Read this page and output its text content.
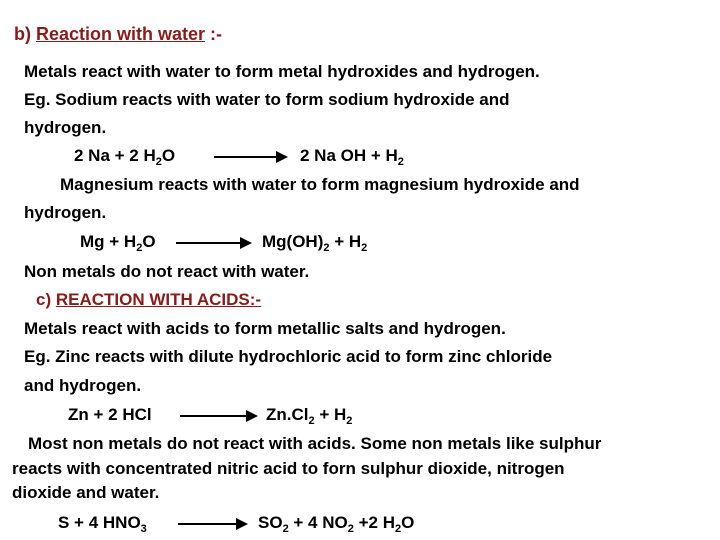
b) Reaction with water :-
Metals react with water to form metal hydroxides and hydrogen.
Eg. Sodium reacts with water to form sodium hydroxide and
hydrogen.
2 Na + 2 $H_2O$	2 Na OH + $H_2$
Magnesium reacts with water to form magnesium hydroxide and
hydrogen.
$Mg + H_2O$	$Mg(OH)_2 + H_2$
Non metals do not react with water.
c) REACTION WITH ACIDS:-
Metals react with acids to form metallic salts and hydrogen.
Eg. Zinc reacts with dilute hydrochloric acid to form zinc chloride
and hydrogen.
Zn + 2 HCl	$Zn.Cl_2 + H_2$
Most non metals do not react with acids. Some non metals like sulphur
reacts with concentrated nitric acid to forn sulphur dioxide, nitrogen
dioxide and water.
S + 4 $HNO_3$	$SO_2 + 4$ $NO_2 +2$ $H_2O$
